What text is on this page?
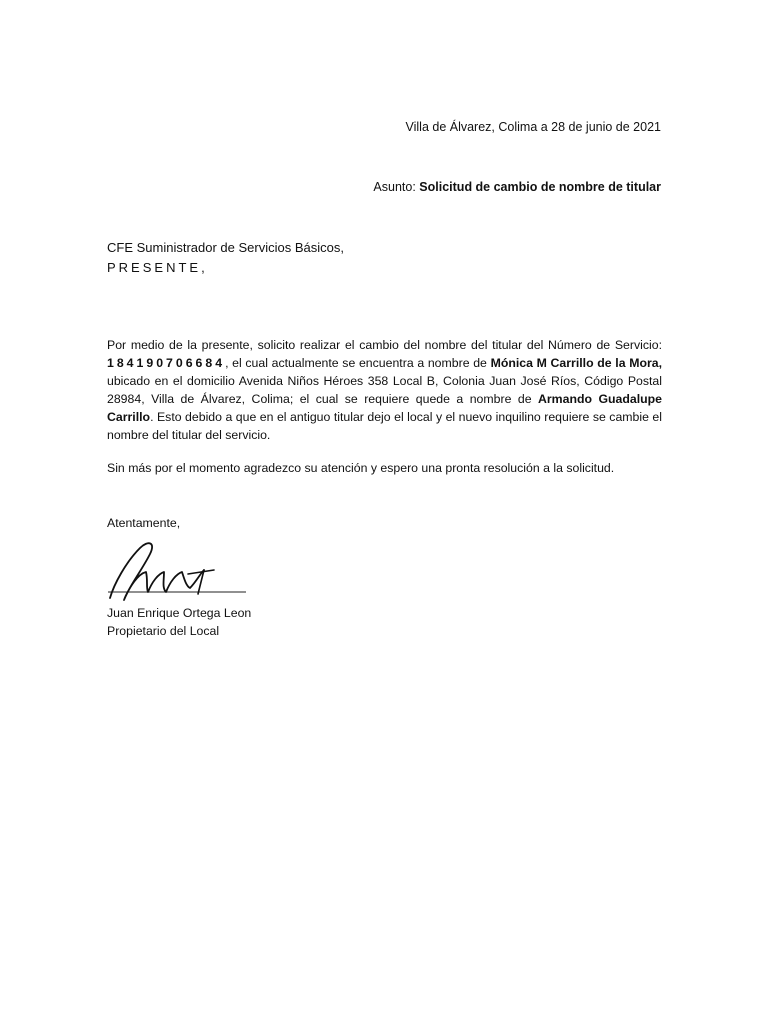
Villa de Álvarez, Colima a 28 de junio de 2021
Asunto: Solicitud de cambio de nombre de titular
CFE Suministrador de Servicios Básicos,
PRESENTE,
Por medio de la presente, solicito realizar el cambio del nombre del titular del Número de Servicio: 184190706684, el cual actualmente se encuentra a nombre de Mónica M Carrillo de la Mora, ubicado en el domicilio Avenida Niños Héroes 358 Local B, Colonia Juan José Ríos, Código Postal 28984, Villa de Álvarez, Colima; el cual se requiere quede a nombre de Armando Guadalupe Carrillo. Esto debido a que en el antiguo titular dejo el local y el nuevo inquilino requiere se cambie el nombre del titular del servicio.
Sin más por el momento agradezco su atención y espero una pronta resolución a la solicitud.
Atentamente,
Juan Enrique Ortega Leon
Propietario del Local
